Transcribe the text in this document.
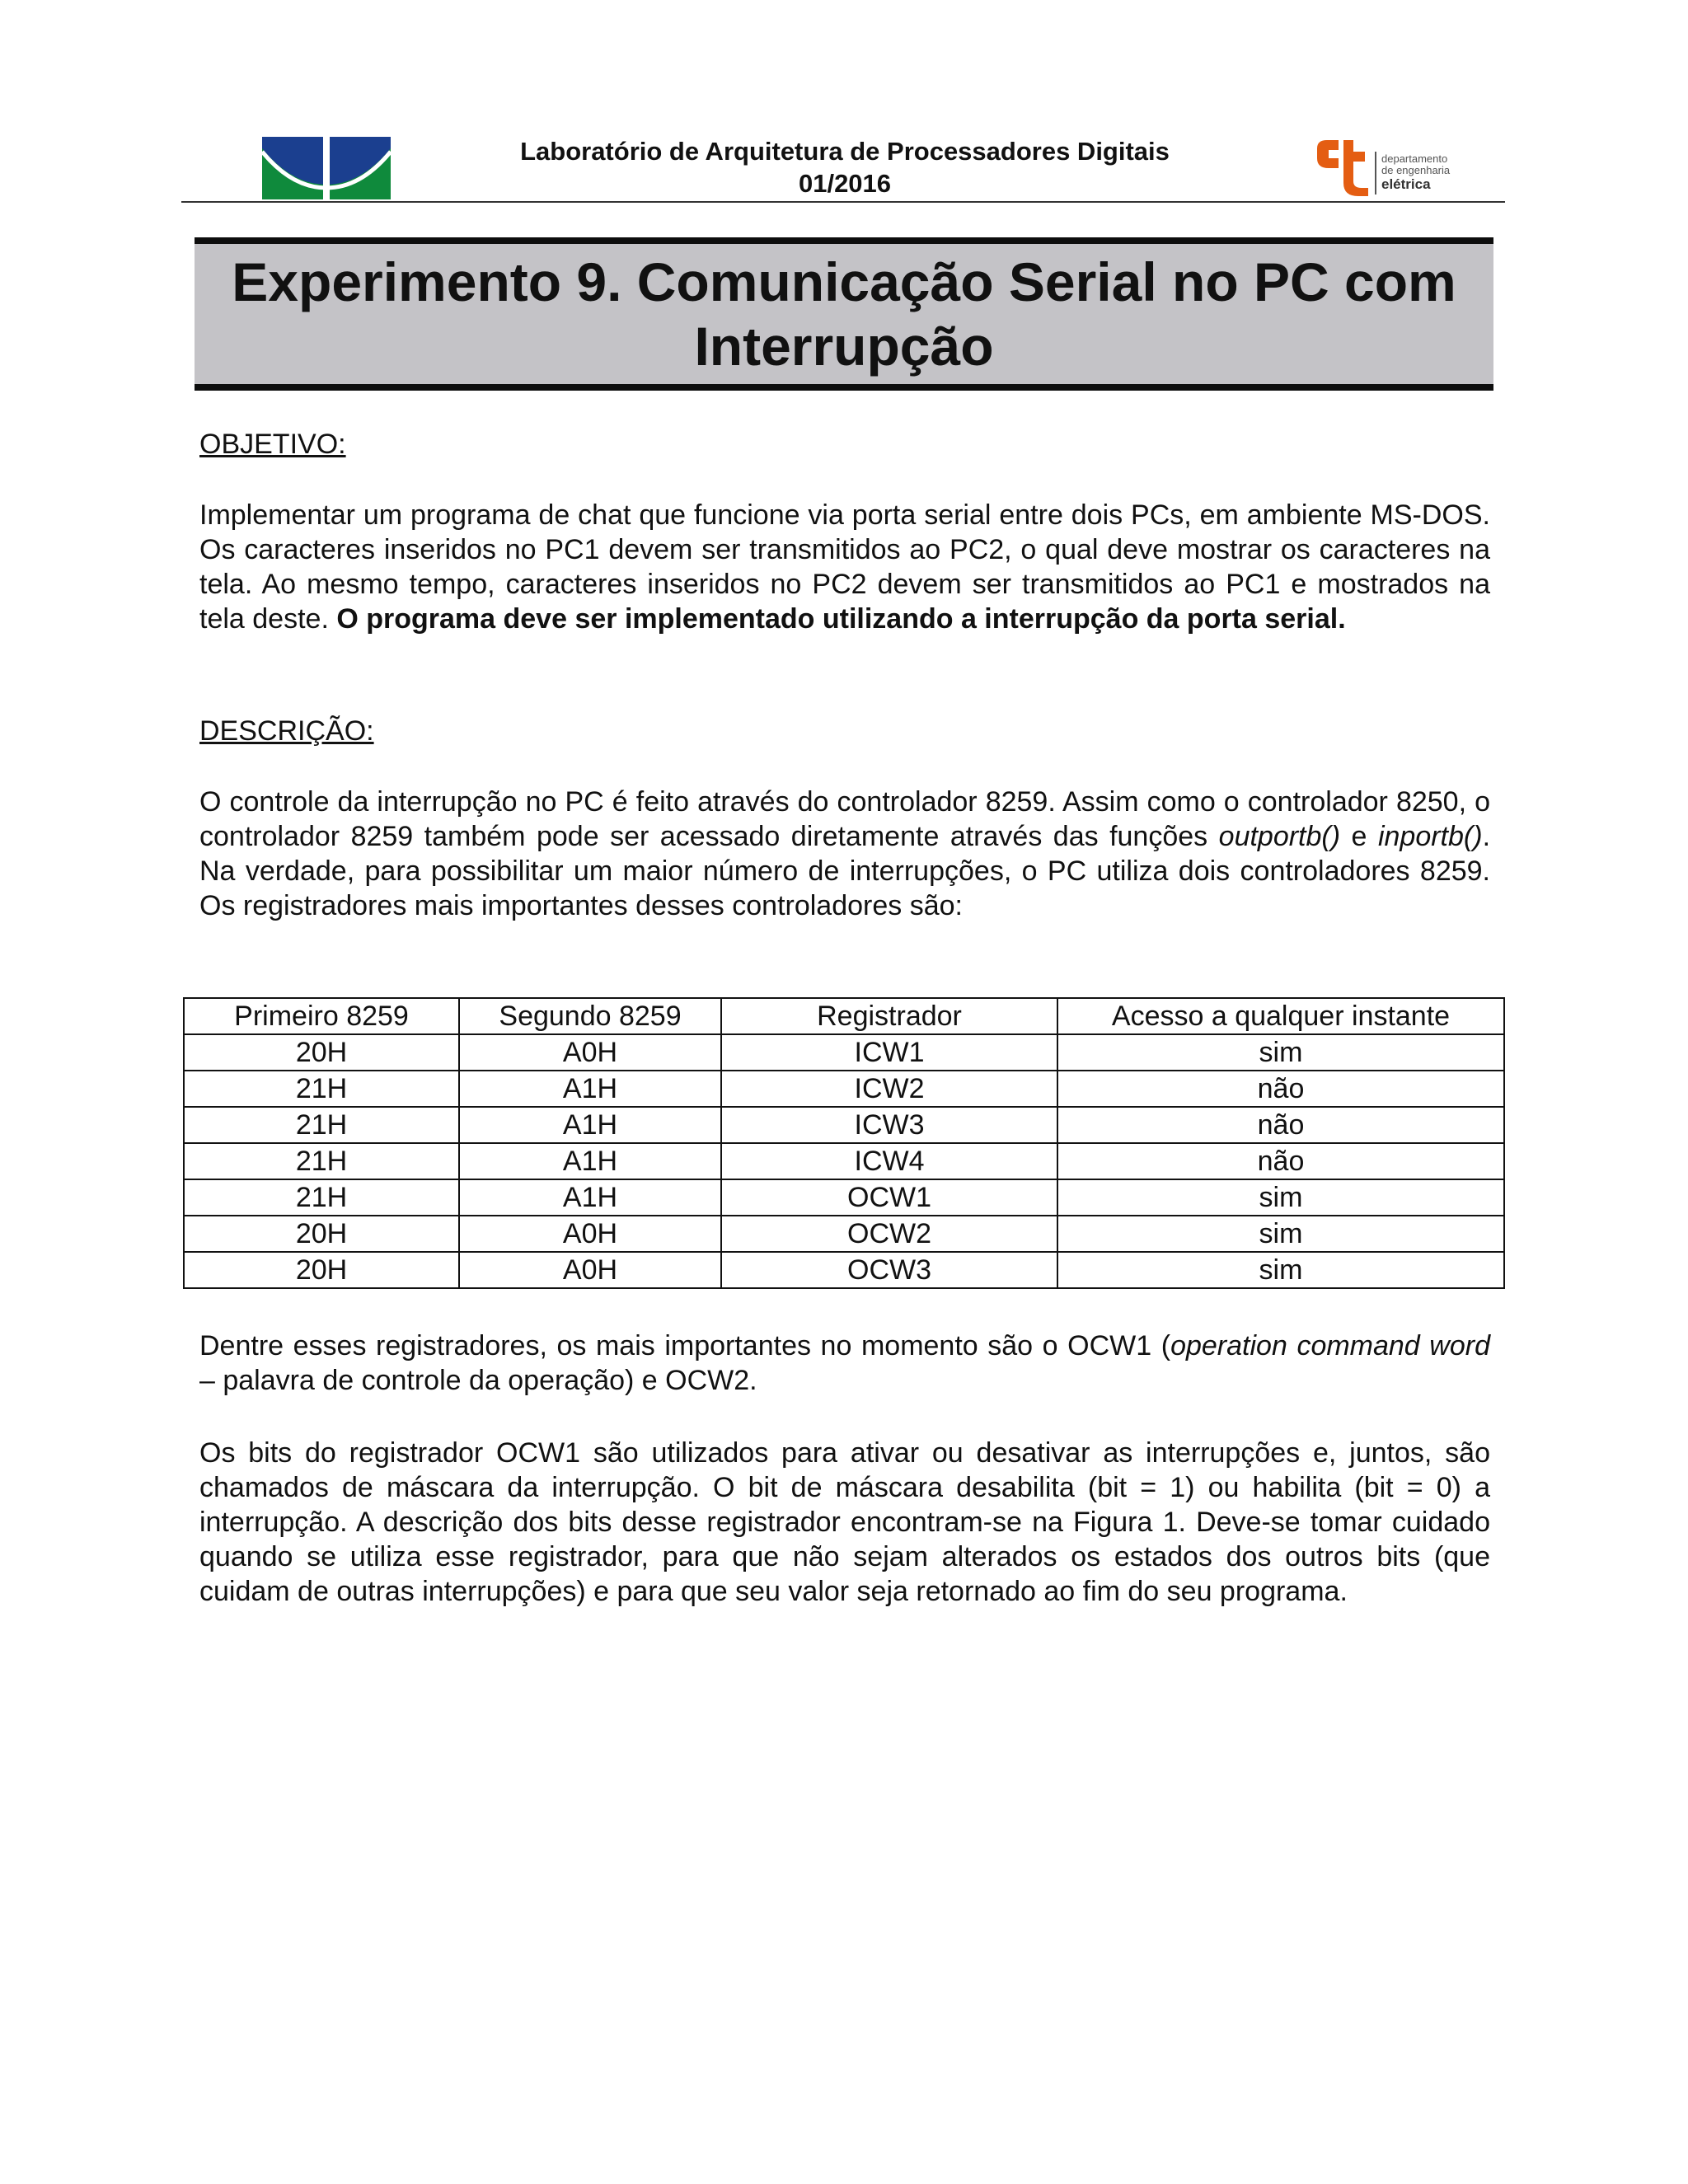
Laboratório de Arquitetura de Processadores Digitais
01/2016
departamento
de engenharia
elétrica
Experimento 9. Comunicação Serial no PC com Interrupção
OBJETIVO:

Implementar um programa de chat que funcione via porta serial entre dois PCs, em ambiente MS-DOS. Os caracteres inseridos no PC1 devem ser transmitidos ao PC2, o qual deve mostrar os caracteres na tela. Ao mesmo tempo, caracteres inseridos no PC2 devem ser transmitidos ao PC1 e mostrados na tela deste. O programa deve ser implementado utilizando a interrupção da porta serial.

DESCRIÇÃO:

O controle da interrupção no PC é feito através do controlador 8259. Assim como o controlador 8250, o controlador 8259 também pode ser acessado diretamente através das funções outportb() e inportb(). Na verdade, para possibilitar um maior número de interrupções, o PC utiliza dois controladores 8259. Os registradores mais importantes desses controladores são:

Primeiro 8259	Segundo 8259	Registrador	Acesso a qualquer instante
20H	A0H	ICW1	sim
21H	A1H	ICW2	não
21H	A1H	ICW3	não
21H	A1H	ICW4	não
21H	A1H	OCW1	sim
20H	A0H	OCW2	sim
20H	A0H	OCW3	sim

Dentre esses registradores, os mais importantes no momento são o OCW1 (operation command word – palavra de controle da operação) e OCW2.

Os bits do registrador OCW1 são utilizados para ativar ou desativar as interrupções e, juntos, são chamados de máscara da interrupção. O bit de máscara desabilita (bit = 1) ou habilita (bit = 0) a interrupção. A descrição dos bits desse registrador encontram-se na Figura 1. Deve-se tomar cuidado quando se utiliza esse registrador, para que não sejam alterados os estados dos outros bits (que cuidam de outras interrupções) e para que seu valor seja retornado ao fim do seu programa.
